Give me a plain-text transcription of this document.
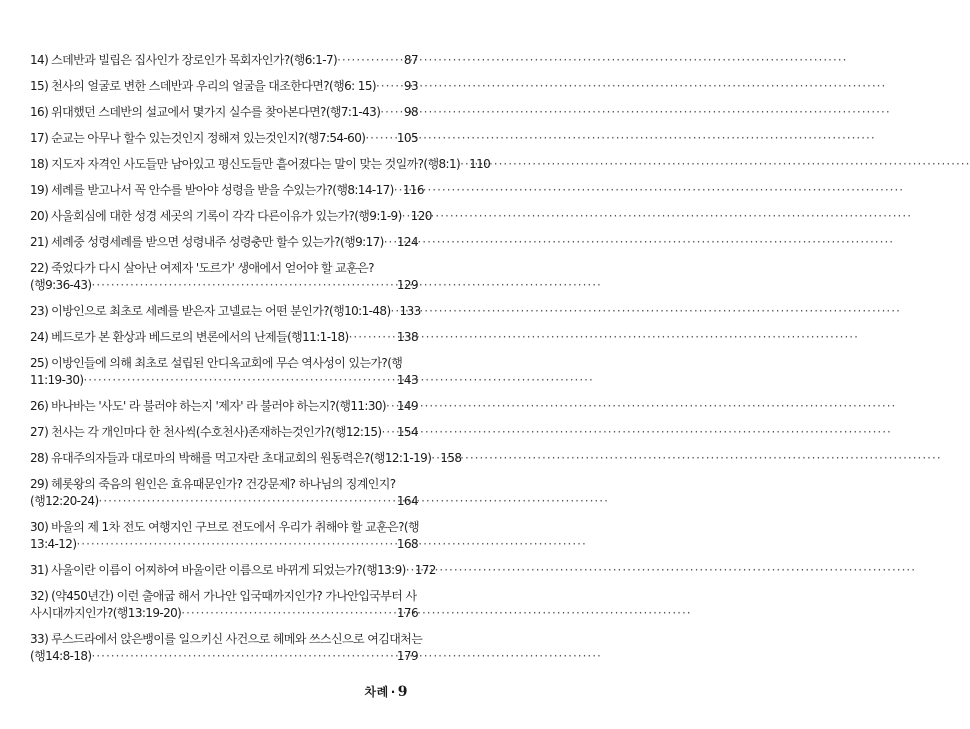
14) 스데반과 빌립은 집사인가 장로인가 목회자인가?(행6:1-7) ·····	87
15) 천사의 얼굴로 변한 스데반과 우리의 얼굴을 대조한다면?(행6: 15) ····· 93
16) 위대했던 스데반의 설교에서 몇가지 실수를 찾아본다면?(행7:1-43) ····· 98
17) 순교는 아무나 할수 있는것인지 정해져 있는것인지?(행7:54-60) ·····	105
18) 지도자 자격인 사도들만 남아있고 평신도들만 흩어졌다는 말이 맞는 것일까?(행8:1) ····· 110
19) 세례를 받고나서 꼭 안수를 받아야 성령을 받을 수있는가?(행8:14-17) ····· 116
20) 사울회심에 대한 성경 세곳의 기록이 각각 다른이유가 있는가?(행9:1-9) ····· 120
21) 세례중 성령세례를 받으면 성령내주 성령충만 할수 있는가?(행9:17) ····· 124
22) 죽었다가 다시 살아난 여제자 '도르가' 생애에서 얻어야 할 교훈은?
(행9:36-43) ·····	129
23) 이방인으로 최초로 세례를 받은자 고넬료는 어떤 분인가?(행10:1-48) ····· 133
24) 베드로가 본 환상과 베드로의 변론에서의 난제들(행11:1-18) ·····	138
25) 이방인들에 의해 최초로 설립된 안디옥교회에 무슨 역사성이 있는가?(행
11:19-30) ·····	143
26) 바나바는 '사도' 라 불러야 하는지 '제자' 라 불러야 하는지?(행11:30) ····· 149
27) 천사는 각 개인마다 한 천사씩(수호천사)존재하는것인가?(행12:15) ····· 154
28) 유대주의자들과 대로마의 박해를 먹고자란 초대교회의 원동력은?(행12:1-19) ····· 158
29) 헤롯왕의 죽음의 원인은 효유때문인가? 건강문제? 하나님의 징계인지?
(행12:20-24) ·····	164
30) 바울의 제 1차 전도 여행지인 구브로 전도에서 우리가 취해야 할 교훈은?(행
13:4-12) ·····	168
31) 사울이란 이름이 어찌하여 바울이란 이름으로 바뀌게 되었는가?(행13:9) ····· 172
32) (약450년간) 이런 출애굽 해서 가나안 입국때까지인가? 가나안입국부터 사
사시대까지인가?(행13:19-20) ·····	176
33) 루스드라에서 앉은뱅이를 일으키신 사건으로 헤메와 쓰스신으로 여김대처는
(행14:8-18) ·····	179
차례 · 9
